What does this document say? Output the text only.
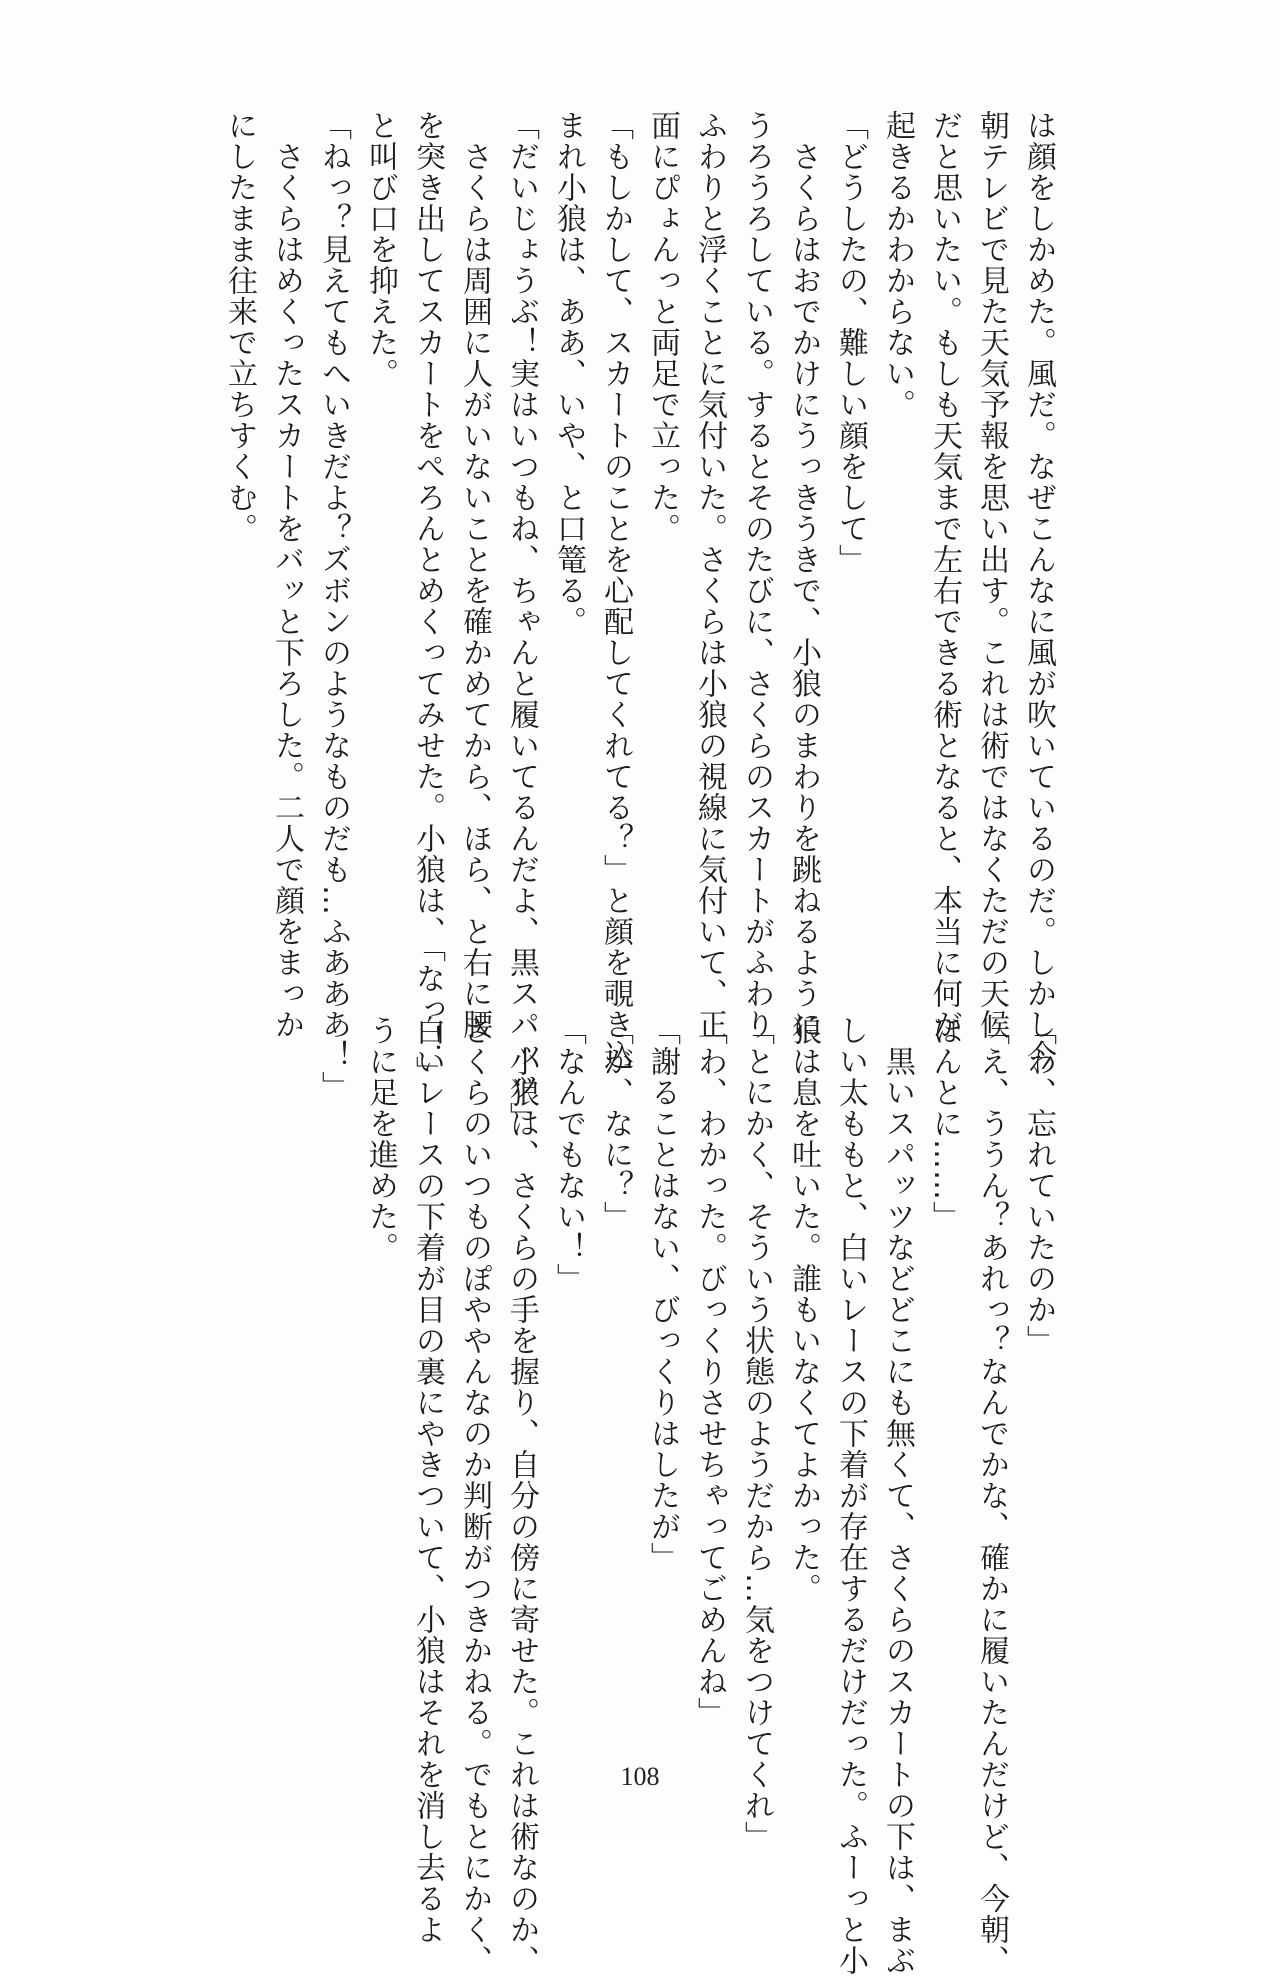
は顔をしかめた。風だ。なぜこんなに風が吹いているのだ。しかし今

朝テレビで見た天気予報を思い出す。これは術ではなくただの天候

だと思いたい。もしも天気まで左右できる術となると、本当に何が

起きるかわからない。

「どうしたの、難しい顔をして」

　さくらはおでかけにうっきうきで、小狼のまわりを跳ねるように

うろうろしている。するとそのたびに、さくらのスカートがふわり

ふわりと浮くことに気付いた。さくらは小狼の視線に気付いて、正

面にぴょんっと両足で立った。

「もしかして、スカートのことを心配してくれてる？」と顔を覗き込

まれ小狼は、ああ、いや、と口篭る。

「だいじょうぶ！実はいつもね、ちゃんと履いてるんだよ、黒スパッツ」

　さくらは周囲に人がいないことを確かめてから、ほら、と右に腰

を突き出してスカートをぺろんとめくってみせた。小狼は、「なっ！」

と叫び口を抑えた。

「ねっ？見えてもへいきだよ？ズボンのようなものだも…ふあああ！」

　さくらはめくったスカートをバッと下ろした。二人で顔をまっか

にしたまま往来で立ちすくむ。

「わ、忘れていたのか」

「え、ううん？あれっ？なんでかな、確かに履いたんだけど、今朝、

ほんとに……」

　黒いスパッツなどどこにも無くて、さくらのスカートの下は、まぶ

しい太ももと、白いレースの下着が存在するだけだった。ふーっと小

狼は息を吐いた。誰もいなくてよかった。

「とにかく、そういう状態のようだから…気をつけてくれ」

「わ、わかった。びっくりさせちゃってごめんね」

「謝ることはない、びっくりはしたが」

「が、なに？」

「なんでもない！」

　小狼は、さくらの手を握り、自分の傍に寄せた。これは術なのか、

さくらのいつものぽややんなのか判断がつきかねる。でもとにかく、

白いレースの下着が目の裏にやきついて、小狼はそれを消し去るよ

うに足を進めた。

108
